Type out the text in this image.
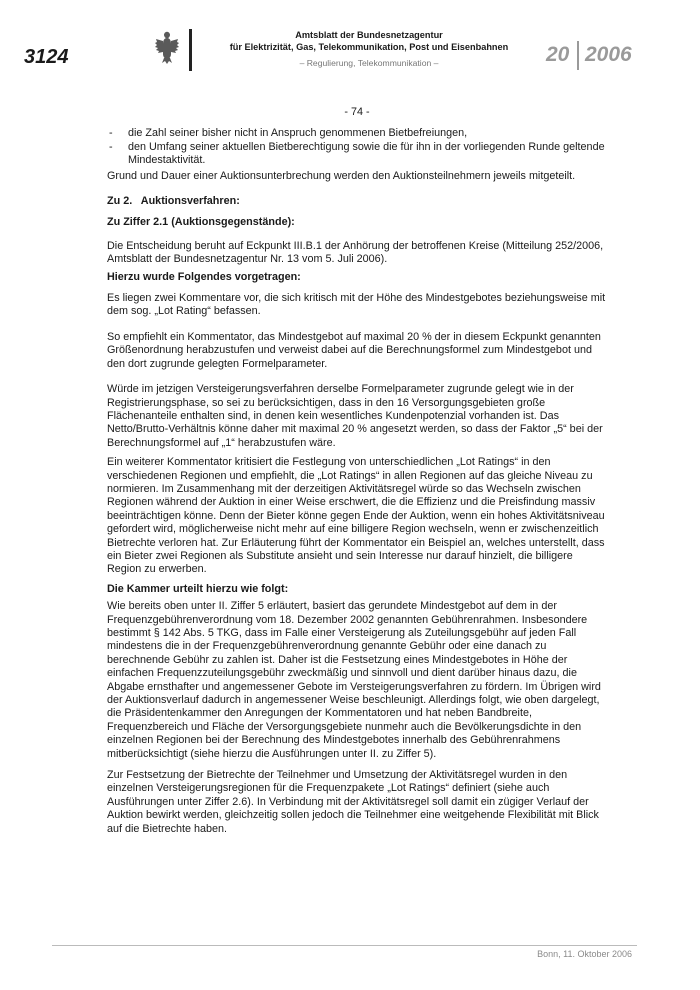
3124
Amtsblatt der Bundesnetzagentur
für Elektrizität, Gas, Telekommunikation, Post und Eisenbahnen
– Regulierung, Telekommunikation –	20 2006
- 74 -
- die Zahl seiner bisher nicht in Anspruch genommenen Bietbefreiungen,
- den Umfang seiner aktuellen Bietberechtigung sowie die für ihn in der vorliegenden Runde geltende Mindestaktivität.

Grund und Dauer einer Auktionsunterbrechung werden den Auktionsteilnehmern jeweils mitgeteilt.

Zu 2.   Auktionsverfahren:

Zu Ziffer 2.1 (Auktionsgegenstände):

Die Entscheidung beruht auf Eckpunkt III.B.1 der Anhörung der betroffenen Kreise (Mitteilung 252/2006, Amtsblatt der Bundesnetzagentur Nr. 13 vom 5. Juli 2006).

Hierzu wurde Folgendes vorgetragen:

Es liegen zwei Kommentare vor, die sich kritisch mit der Höhe des Mindestgebotes beziehungsweise mit dem sog. „Lot Rating“ befassen.

So empfiehlt ein Kommentator, das Mindestgebot auf maximal 20 % der in diesem Eckpunkt genannten Größenordnung herabzustufen und verweist dabei auf die Berechnungsformel zum Mindestgebot und den dort zugrunde gelegten Formelparameter.

Würde im jetzigen Versteigerungsverfahren derselbe Formelparameter zugrunde gelegt wie in der Registrierungsphase, so sei zu berücksichtigen, dass in den 16 Versorgungsgebieten große Flächenanteile enthalten sind, in denen kein wesentliches Kundenpotenzial vorhanden ist. Das Netto/Brutto-Verhältnis könne daher mit maximal 20 % angesetzt werden, so dass der Faktor „5“ bei der Berechnungsformel auf „1“ herabzustufen wäre.

Ein weiterer Kommentator kritisiert die Festlegung von unterschiedlichen „Lot Ratings“ in den verschiedenen Regionen und empfiehlt, die „Lot Ratings“ in allen Regionen auf das gleiche Niveau zu normieren. Im Zusammenhang mit der derzeitigen Aktivitätsregel würde so das Wechseln zwischen Regionen während der Auktion in einer Weise erschwert, die die Effizienz und die Preisfindung massiv beeinträchtigen könne. Denn der Bieter könne gegen Ende der Auktion, wenn ein hohes Aktivitätsniveau gefordert wird, möglicherweise nicht mehr auf eine billigere Region wechseln, wenn er zwischenzeitlich Bietrechte verloren hat. Zur Erläuterung führt der Kommentator ein Beispiel an, welches unterstellt, dass ein Bieter zwei Regionen als Substitute ansieht und sein Interesse nur darauf hinzielt, die billigere Region zu erwerben.

Die Kammer urteilt hierzu wie folgt:

Wie bereits oben unter II. Ziffer 5 erläutert, basiert das gerundete Mindestgebot auf dem in der Frequenzgebührenverordnung vom 18. Dezember 2002 genannten Gebührenrahmen. Insbesondere bestimmt § 142 Abs. 5 TKG, dass im Falle einer Versteigerung als Zuteilungsgebühr auf jeden Fall mindestens die in der Frequenzgebührenverordnung genannte Gebühr oder eine danach zu berechnende Gebühr zu zahlen ist. Daher ist die Festsetzung eines Mindestgebotes in Höhe der einfachen Frequenzzuteilungsgebühr zweckmäßig und sinnvoll und dient darüber hinaus dazu, die Abgabe ernsthafter und angemessener Gebote im Versteigerungsverfahren zu fördern. Im Übrigen wird der Auktionsverlauf dadurch in angemessener Weise beschleunigt. Allerdings folgt, wie oben dargelegt, die Präsidentenkammer den Anregungen der Kommentatoren und hat neben Bandbreite, Frequenzbereich und Fläche der Versorgungsgebiete nunmehr auch die Bevölkerungsdichte in den einzelnen Regionen bei der Berechnung des Mindestgebotes innerhalb des Gebührenrahmens mitberücksichtigt (siehe hierzu die Ausführungen unter II. zu Ziffer 5).

Zur Festsetzung der Bietrechte der Teilnehmer und Umsetzung der Aktivitätsregel wurden in den einzelnen Versteigerungsregionen für die Frequenzpakete „Lot Ratings“ definiert (siehe auch Ausführungen unter Ziffer 2.6). In Verbindung mit der Aktivitätsregel soll damit ein zügiger Verlauf der Auktion bewirkt werden, gleichzeitig sollen jedoch die Teilnehmer eine weitgehende Flexibilität mit Blick auf die Bietrechte haben.

Bonn, 11. Oktober 2006
